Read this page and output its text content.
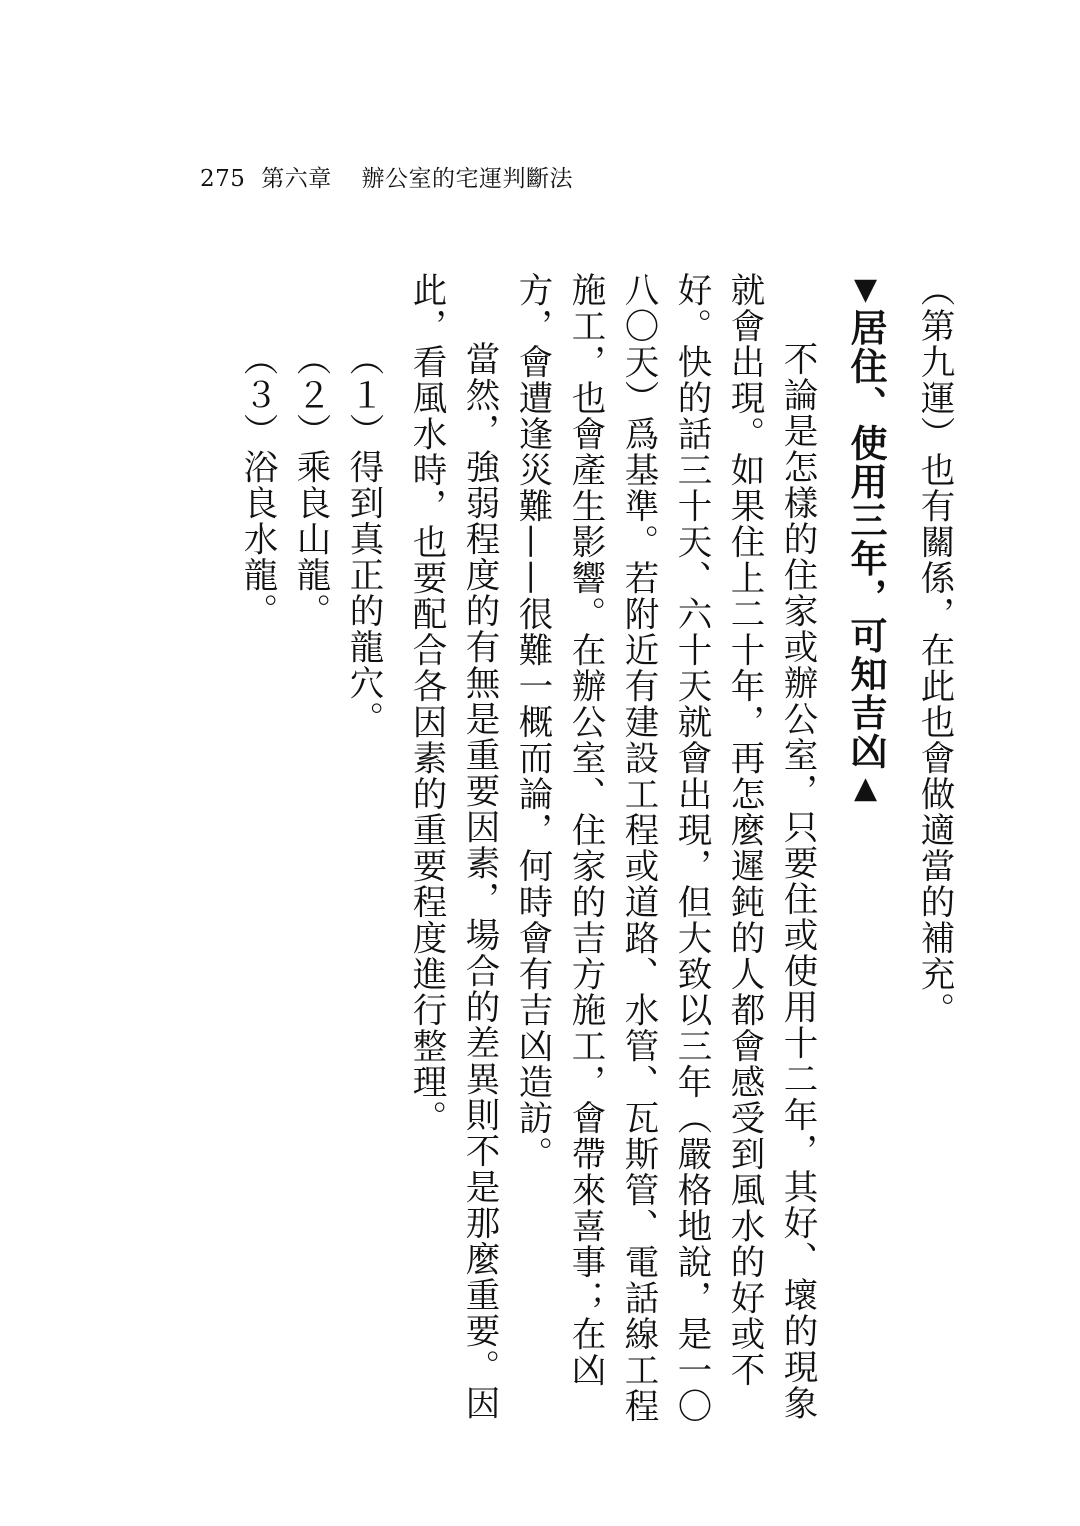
275 第六章 辦公室的宅運判斷法

（第九運）也有關係，在此也會做適當的補充。

▼居住、使用三年，可知吉凶▲

不論是怎樣的住家或辦公室，只要住或使用十二年，其好、壞的現象就會出現。如果住上二十年，再怎麼遲鈍的人都會感受到風水的好或不好。快的話三十天、六十天就會出現，但大致以三年（嚴格地說，是一〇八〇天）爲基準。若附近有建設工程或道路、水管、瓦斯管、電話線工程施工，也會產生影響。在辦公室、住家的吉方施工，會帶來喜事；在凶方，會遭逢災難——很難一概而論，何時會有吉凶造訪。

當然，強弱程度的有無是重要因素，場合的差異則不是那麼重要。因此，看風水時，也要配合各因素的重要程度進行整理。

（１）得到真正的龍穴。

（２）乘良山龍。

（３）浴良水龍。
